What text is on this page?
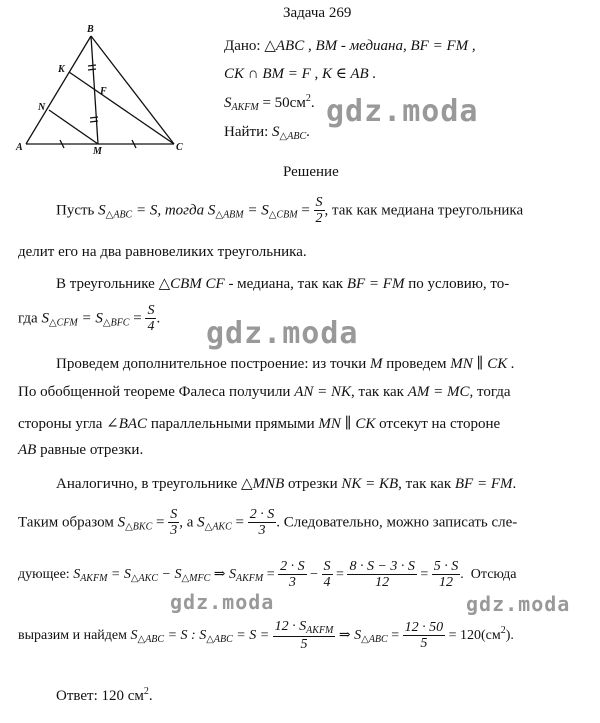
B
K
N
F
A	M	C
Задача 269
Дано: △ABC , BM - медиана, BF = FM ,
CK ∩ BM = F , K ∈ AB .
$S_{AKFM} = 50см^2$.
Найти: $S_{\triangle ABC}$.
Решение
Пусть $S_{\triangle ABC} = S$, тогда $S_{\triangle ABM} = S_{\triangle CBM} = \frac{S}{2}$ , так как медиана треугольника
делит его на два равновеликих треугольника.
В треугольнике △CBM CF - медиана, так как BF = FM по условию, то-
гда $S_{\triangle CFM} = S_{\triangle BFC} = \frac{S}{4}$ .
Проведем дополнительное построение: из точки M проведем MN ∥ CK .
По обобщенной теореме Фалеса получили AN = NK, так как AM = MC, тогда
стороны угла ∠BAC параллельными прямыми MN ∥ CK отсекут на стороне
AB равные отрезки.
Аналогично, в треугольнике △MNB отрезки NK = KB, так как BF = FM.
Таким образом $S_{\triangle BKC} = \frac{S}{3}$ , а $S_{\triangle AKC} = \frac{2 \cdot S}{3}$ . Следовательно, можно записать сле-
дующее: $S_{AKFM} = S_{\triangle AKC} - S_{\triangle MFC}$ ⇒ $S_{AKFM} = \frac{2 \cdot S}{3} - \frac{S}{4} = \frac{8 \cdot S - 3 \cdot S}{12} = \frac{5 \cdot S}{12}$ . Отсюда
выразим и найдем $S_{\triangle ABC} = S$ : $S_{\triangle ABC} = S = \frac{12 \cdot S_{AKFM}}{5}$ ⇒ $S_{\triangle ABC} = \frac{12 \cdot 50}{5} = 120(см^2)$.
Ответ: 120 $см^2$.
gdz.moda
gdz.moda
gdz.moda	gdz.moda
